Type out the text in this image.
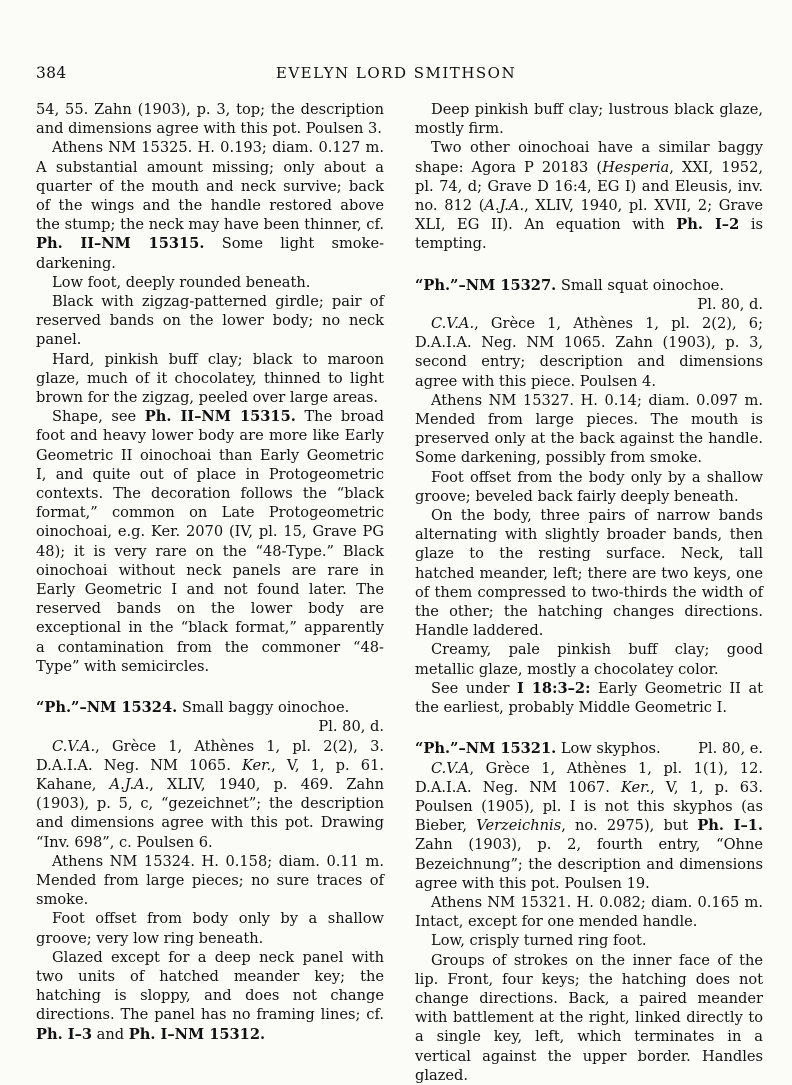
384	EVELYN LORD SMITHSON

54, 55. Zahn (1903), p. 3, top; the description and dimensions agree with this pot. Poulsen 3.

Athens NM 15325. H. 0.193; diam. 0.127 m. A substantial amount missing; only about a quarter of the mouth and neck survive; back of the wings and the handle restored above the stump; the neck may have been thinner, cf. Ph. II–NM 15315. Some light smoke-darkening.

Low foot, deeply rounded beneath.

Black with zigzag-patterned girdle; pair of reserved bands on the lower body; no neck panel.

Hard, pinkish buff clay; black to maroon glaze, much of it chocolatey, thinned to light brown for the zigzag, peeled over large areas.

Shape, see Ph. II–NM 15315. The broad foot and heavy lower body are more like Early Geometric II oinochoai than Early Geometric I, and quite out of place in Protogeometric contexts. The decoration follows the “black format,” common on Late Protogeometric oinochoai, e.g. Ker. 2070 (IV, pl. 15, Grave PG 48); it is very rare on the “48-Type.” Black oinochoai without neck panels are rare in Early Geometric I and not found later. The reserved bands on the lower body are exceptional in the “black format,” apparently a contamination from the commoner “48-Type” with semicircles.

“Ph.”–NM 15324. Small baggy oinochoe.

Pl. 80, d.

C.V.A., Grèce 1, Athènes 1, pl. 2(2), 3. D.A.I.A. Neg. NM 1065. Ker., V, 1, p. 61. Kahane, A.J.A., XLIV, 1940, p. 469. Zahn (1903), p. 5, c, “gezeichnet”; the description and dimensions agree with this pot. Drawing “Inv. 698”, c. Poulsen 6.

Athens NM 15324. H. 0.158; diam. 0.11 m. Mended from large pieces; no sure traces of smoke.

Foot offset from body only by a shallow groove; very low ring beneath.

Glazed except for a deep neck panel with two units of hatched meander key; the hatching is sloppy, and does not change directions. The panel has no framing lines; cf. Ph. I–3 and Ph. I–NM 15312.

Deep pinkish buff clay; lustrous black glaze, mostly firm.

Two other oinochoai have a similar baggy shape: Agora P 20183 (Hesperia, XXI, 1952, pl. 74, d; Grave D 16:4, EG I) and Eleusis, inv. no. 812 (A.J.A., XLIV, 1940, pl. XVII, 2; Grave XLI, EG II). An equation with Ph. I–2 is tempting.

“Ph.”–NM 15327. Small squat oinochoe.

Pl. 80, d.

C.V.A., Grèce 1, Athènes 1, pl. 2(2), 6; D.A.I.A. Neg. NM 1065. Zahn (1903), p. 3, second entry; description and dimensions agree with this piece. Poulsen 4.

Athens NM 15327. H. 0.14; diam. 0.097 m. Mended from large pieces. The mouth is preserved only at the back against the handle. Some darkening, possibly from smoke.

Foot offset from the body only by a shallow groove; beveled back fairly deeply beneath.

On the body, three pairs of narrow bands alternating with slightly broader bands, then glaze to the resting surface. Neck, tall hatched meander, left; there are two keys, one of them compressed to two-thirds the width of the other; the hatching changes directions. Handle laddered.

Creamy, pale pinkish buff clay; good metallic glaze, mostly a chocolatey color.

See under I 18:3–2: Early Geometric II at the earliest, probably Middle Geometric I.

“Ph.”–NM 15321. Low skyphos.	Pl. 80, e.

C.V.A, Grèce 1, Athènes 1, pl. 1(1), 12. D.A.I.A. Neg. NM 1067. Ker., V, 1, p. 63. Poulsen (1905), pl. I is not this skyphos (as Bieber, Verzeichnis, no. 2975), but Ph. I–1. Zahn (1903), p. 2, fourth entry, “Ohne Bezeichnung”; the description and dimensions agree with this pot. Poulsen 19.

Athens NM 15321. H. 0.082; diam. 0.165 m. Intact, except for one mended handle.

Low, crisply turned ring foot.

Groups of strokes on the inner face of the lip. Front, four keys; the hatching does not change directions. Back, a paired meander with battlement at the right, linked directly to a single key, left, which terminates in a vertical against the upper border. Handles glazed.
